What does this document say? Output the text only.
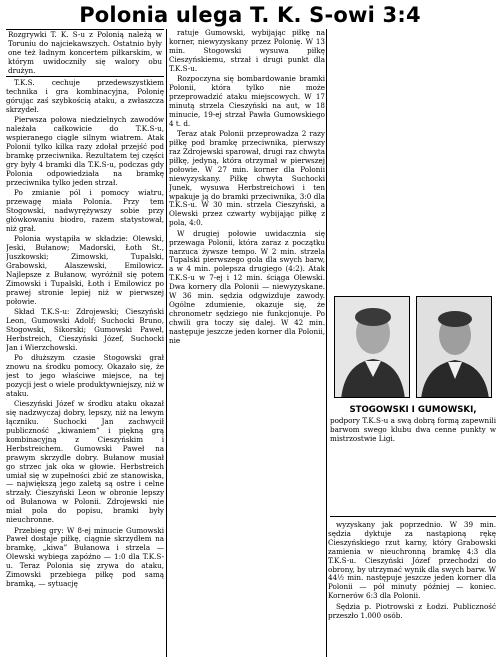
Polonia ulega T. K. S-owi 3:4
Rozgrywki T. K. S-u z Polonią należą w Toruniu do najciekawszych. Ostatnio były one też ładnym koncertem piłkarskim, w którym uwidoczniły się walory obu drużyn.

T.K.S. cechuje przedewszystkiem technika i gra kombinacyjna, Polonię górując zaś szybkością ataku, a zwłaszcza skrzydeł.

Pierwsza połowa niedzielnych zawodów należała całkowicie do T.K.S-u, wspieranego ciągle silnym wiatrem. Atak Polonii tylko kilka razy zdołał przejść pod bramkę przeciwnika. Rezultatem tej części gry były 4 bramki dla T.K.S-u, podczas gdy Polonia odpowiedziała na bramkę przeciwnika tylko jeden strzał.

Po zmianie pól i pomocy wiatru, przewagę miała Polonia. Przy tem Stogowski, nadwyrężywszy sobie przy główkowaniu biodro, razem statystował, niż grał.

Polonia wystąpiła w składzie: Olewski, Jeski, Bułanow; Madorski, Łoth St., Juszkowski; Zimowski, Tupalski, Grabowski, Alaszewski, Emilowicz. Najlepsze z Bułanow, wyróżnił się potem Zimowski i Tupalski, Łoth i Emilowicz po prawej stronie lepiej niż w pierwszej połowie.

Skład T.K.S-u: Zdrojewski; Cieszyński Leon, Gumowski Adolf; Suchocki Bruno, Stogowski, Sikorski; Gumowski Paweł, Herbstreich, Cieszyński Józef, Suchocki Jan i Wierzchowski.

Po dłuższym czasie Stogowski grał znowu na środku pomocy. Okazało się, że jest to jego właściwe miejsce, na tej pozycji jest o wiele produktywniejszy, niż w ataku.

Cieszyński Józef w środku ataku okazał się nadzwyczaj dobry, lepszy, niż na lewym łączniku. Suchocki Jan zachwycił publiczność „kiwaniem” i piękną grą kombinacyjną z Cieszyńskim i Herbstreichem. Gumowski Paweł na prawym skrzydle dobry. Bułanow musiał go strzec jak oka w głowie. Herbstreich umiał się w zupełności zbić ze stanowiska, — największą jego zaletą są ostre i celne strzały. Cieszyński Leon w obronie lepszy od Bułanowa w Polonii. Zdrojewski nie miał pola do popisu, bramki były nieuchronne.

Przebieg gry: W 8-ej minucie Gumowski Paweł dostaje piłkę, ciągnie skrzydłem na bramkę, „kiwa” Bułanowa i strzela — Olewski wybiega zapóźno — 1:0 dla T.K.S-u. Teraz Polonia się zrywa do ataku, Zimowski przebiega piłkę pod samą bramką, — sytuację

ratuje Gumowski, wybijając piłkę na korner, niewyzyskany przez Polonię. W 13 min. Stogowski wysuwa piłkę Cieszyńskiemu, strzał i drugi punkt dla T.K.S-u.

Rozpoczyna się bombardowanie bramki Polonii, która tylko nie może przeprowadzić ataku miejscowych. W 17 minutą strzela Cieszyński na aut, w 18 minucie, 19-ej strzał Pawła Gumowskiego 4 t. d.

Teraz atak Polonii przeprowadza 2 razy piłkę pod bramkę przeciwnika, pierwszy raz Zdrojewski sparował, drugi raz chwyta piłkę, jedyną, która otrzymał w pierwszej połowie. W 27 min. korner dla Polonii niewyzyskany. Piłkę chwyta Suchocki Junek, wysuwa Herbstreichowi i ten wpakuje ją do bramki przeciwnika, 3:0 dla T.K.S-u. W 30 min. strzela Cieszyński, a Olewski przez czwarty wybijając piłkę z pola, 4:0.

W drugiej połowie uwidacznia się przewaga Polonii, która zaraz z początku narzuca żywsze tempo. W 2 min. strzela Tupalski pierwszego gola dla swych barw, a w 4 min. polepsza drugiego (4:2). Atak T.K.S-u w 7-ej i 12 min. ściąga Olewski. Dwa kornery dla Polonii — niewyzyskane. W 36 min. sędzia odgwizduje zawody. Ogólne zdumienie, okazuje się, że chronometr sędziego nie funkcjonuje. Po chwili gra toczy się dalej. W 42 min. następuje jeszcze jeden korner dla Polonii, nie

STOGOWSKI I GUMOWSKI,
podpory T.K.S-u a swą dobrą formą zapewnili barwom swego klubu dwa cenne punkty w mistrzostwie Ligi.

wyzyskany jak poprzednio. W 39 min. sędzia dyktuje za nastąpioną rękę Cieszyńskiego rzut karny, który Grabowski zamienia w nieuchronną bramkę 4:3 dla T.K.S-u. Cieszyński Józef przechodzi do obrony, by utrzymać wynik dla swych barw. W 44½ min. następuje jeszcze jeden korner dla Polonii — pół minuty później — koniec. Kornerów 6:3 dla Polonii.

Sędzia p. Piotrowski z Łodzi. Publiczność przeszło 1.000 osób.
